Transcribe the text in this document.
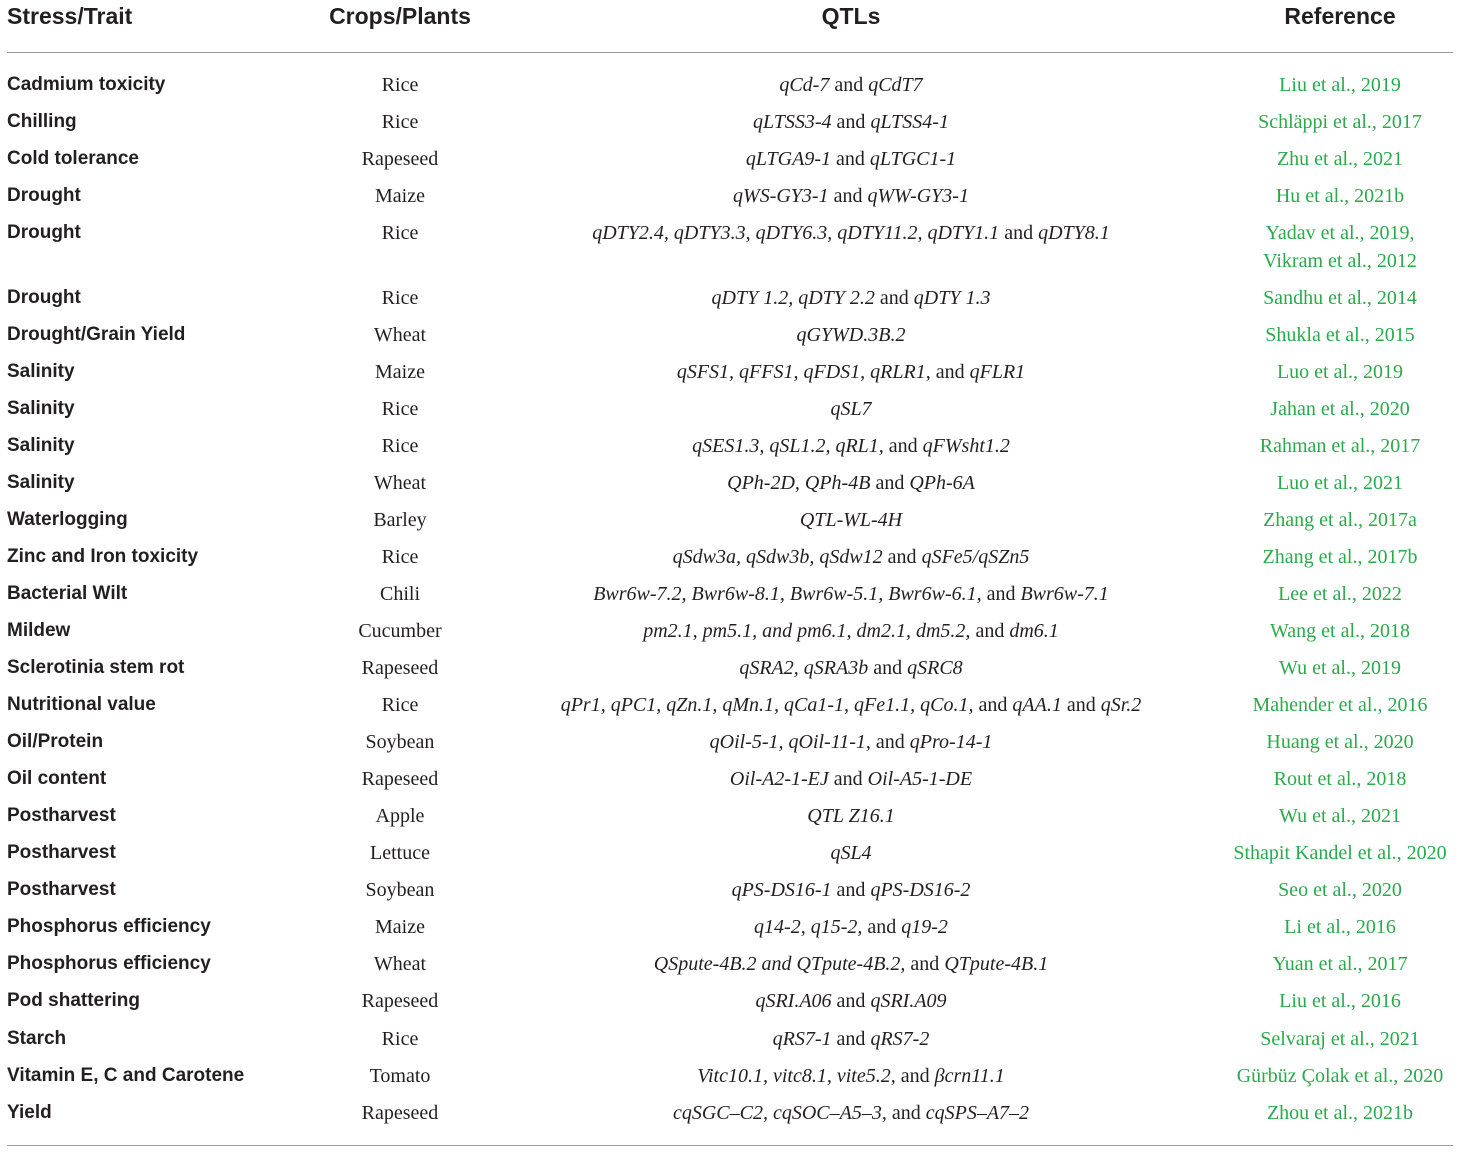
Stress/Trait	Crops/Plants	QTLs	Reference
Cadmium toxicity	Rice	qCd-7 and qCdT7	Liu et al., 2019
Chilling	Rice	qLTSS3-4 and qLTSS4-1	Schläppi et al., 2017
Cold tolerance	Rapeseed	qLTGA9-1 and qLTGC1-1	Zhu et al., 2021
Drought	Maize	qWS-GY3-1 and qWW-GY3-1	Hu et al., 2021b
Drought	Rice	qDTY2.4, qDTY3.3, qDTY6.3, qDTY11.2, qDTY1.1 and qDTY8.1	Yadav et al., 2019,
Vikram et al., 2012
Drought	Rice	qDTY 1.2, qDTY 2.2 and qDTY 1.3	Sandhu et al., 2014
Drought/Grain Yield	Wheat	qGYWD.3B.2	Shukla et al., 2015
Salinity	Maize	qSFS1, qFFS1, qFDS1, qRLR1, and qFLR1	Luo et al., 2019
Salinity	Rice	qSL7	Jahan et al., 2020
Salinity	Rice	qSES1.3, qSL1.2, qRL1, and qFWsht1.2	Rahman et al., 2017
Salinity	Wheat	QPh-2D, QPh-4B and QPh-6A	Luo et al., 2021
Waterlogging	Barley	QTL-WL-4H	Zhang et al., 2017a
Zinc and Iron toxicity	Rice	qSdw3a, qSdw3b, qSdw12 and qSFe5/qSZn5	Zhang et al., 2017b
Bacterial Wilt	Chili	Bwr6w-7.2, Bwr6w-8.1, Bwr6w-5.1, Bwr6w-6.1, and Bwr6w-7.1	Lee et al., 2022
Mildew	Cucumber	pm2.1, pm5.1, and pm6.1, dm2.1, dm5.2, and dm6.1	Wang et al., 2018
Sclerotinia stem rot	Rapeseed	qSRA2, qSRA3b and qSRC8	Wu et al., 2019
Nutritional value	Rice	qPr1, qPC1, qZn.1, qMn.1, qCa1-1, qFe1.1, qCo.1, and qAA.1 and qSr.2	Mahender et al., 2016
Oil/Protein	Soybean	qOil-5-1, qOil-11-1, and qPro-14-1	Huang et al., 2020
Oil content	Rapeseed	Oil-A2-1-EJ and Oil-A5-1-DE	Rout et al., 2018
Postharvest	Apple	QTL Z16.1	Wu et al., 2021
Postharvest	Lettuce	qSL4	Sthapit Kandel et al., 2020
Postharvest	Soybean	qPS-DS16-1 and qPS-DS16-2	Seo et al., 2020
Phosphorus efficiency	Maize	q14-2, q15-2, and q19-2	Li et al., 2016
Phosphorus efficiency	Wheat	QSpute-4B.2 and QTpute-4B.2, and QTpute-4B.1	Yuan et al., 2017
Pod shattering	Rapeseed	qSRI.A06 and qSRI.A09	Liu et al., 2016
Starch	Rice	qRS7-1 and qRS7-2	Selvaraj et al., 2021
Vitamin E, C and Carotene	Tomato	Vitc10.1, vitc8.1, vite5.2, and βcrn11.1	Gürbüz Çolak et al., 2020
Yield	Rapeseed	cqSGC–C2, cqSOC–A5–3, and cqSPS–A7–2	Zhou et al., 2021b
